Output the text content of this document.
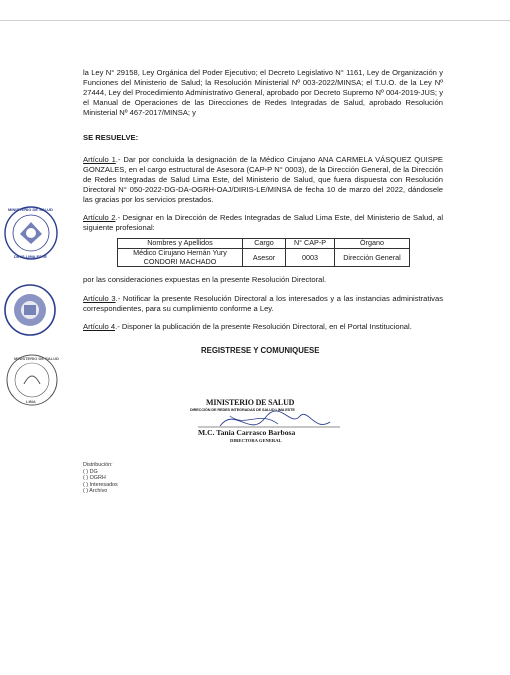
MINISTERIO DE SALUD
DIRIS LIMA ESTE
MINISTERIO DE SALUD
LIMA

la Ley N° 29158, Ley Orgánica del Poder Ejecutivo; el Decreto Legislativo N° 1161, Ley de Organización y Funciones del Ministerio de Salud; la Resolución Ministerial Nº 003-2022/MINSA; el T.U.O. de la Ley Nº 27444, Ley del Procedimiento Administrativo General, aprobado por Decreto Supremo Nº 004-2019-JUS; y el Manual de Operaciones de las Direcciones de Redes Integradas de Salud, aprobado Resolución Ministerial Nº 467-2017/MINSA; y

SE RESUELVE:

Artículo 1.- Dar por concluida la designación de la Médico Cirujano ANA CARMELA VÁSQUEZ QUISPE GONZALES, en el cargo estructural de Asesora (CAP-P N° 0003), de la Dirección General, de la Dirección de Redes Integradas de Salud Lima Este, del Ministerio de Salud, que fuera dispuesta con Resolución Directoral N° 050-2022-DG-DA-OGRH-OAJ/DIRIS-LE/MINSA de fecha 10 de marzo del 2022, dándosele las gracias por los servicios prestados.

Artículo 2.- Designar en la Dirección de Redes Integradas de Salud Lima Este, del Ministerio de Salud, al siguiente profesional:

Nombres y Apellidos	Cargo	N° CAP-P	Órgano
Médico Cirujano Hernán Yury
CONDORI MACHADO	Asesor	0003	Dirección General

por las consideraciones expuestas en la presente Resolución Directoral.

Artículo 3.- Notificar la presente Resolución Directoral a los interesados y a las instancias administrativas correspondientes, para su cumplimiento conforme a Ley.

Artículo 4.- Disponer la publicación de la presente Resolución Directoral, en el Portal Institucional.

REGISTRESE Y COMUNIQUESE
MINISTERIO DE SALUD
DIRECCIÓN DE REDES INTEGRADAS DE SALUD LIMA ESTE
M.C. Tania Carrasco Barbosa
DIRECTORA GENERAL
Distribución:
( ) DG
( ) OGRH
( ) Interesados
( ) Archivo
